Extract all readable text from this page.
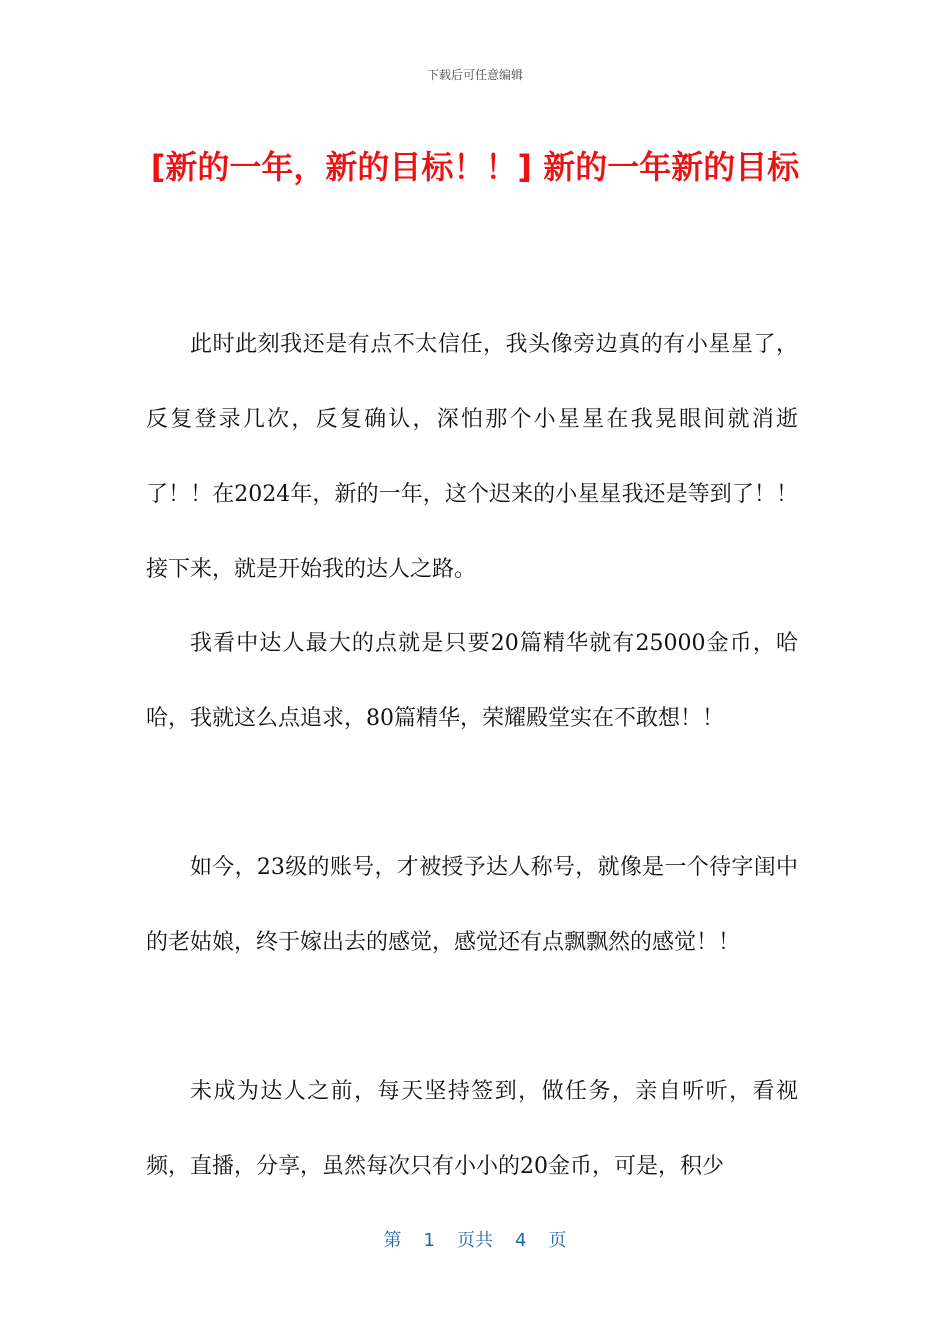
下载后可任意编辑
[新的一年，新的目标！！] 新的一年新的目标

此时此刻我还是有点不太信任，我头像旁边真的有小星星了，反复登录几次，反复确认，深怕那个小星星在我晃眼间就消逝了！！在2024年，新的一年，这个迟来的小星星我还是等到了！！接下来，就是开始我的达人之路。

我看中达人最大的点就是只要20篇精华就有25000金币，哈哈，我就这么点追求，80篇精华，荣耀殿堂实在不敢想！！

如今，23级的账号，才被授予达人称号，就像是一个待字闺中的老姑娘，终于嫁出去的感觉，感觉还有点飘飘然的感觉！！

未成为达人之前，每天坚持签到，做任务，亲自听听，看视频，直播，分享，虽然每次只有小小的20金币，可是，积少

第 1 页共 4 页
